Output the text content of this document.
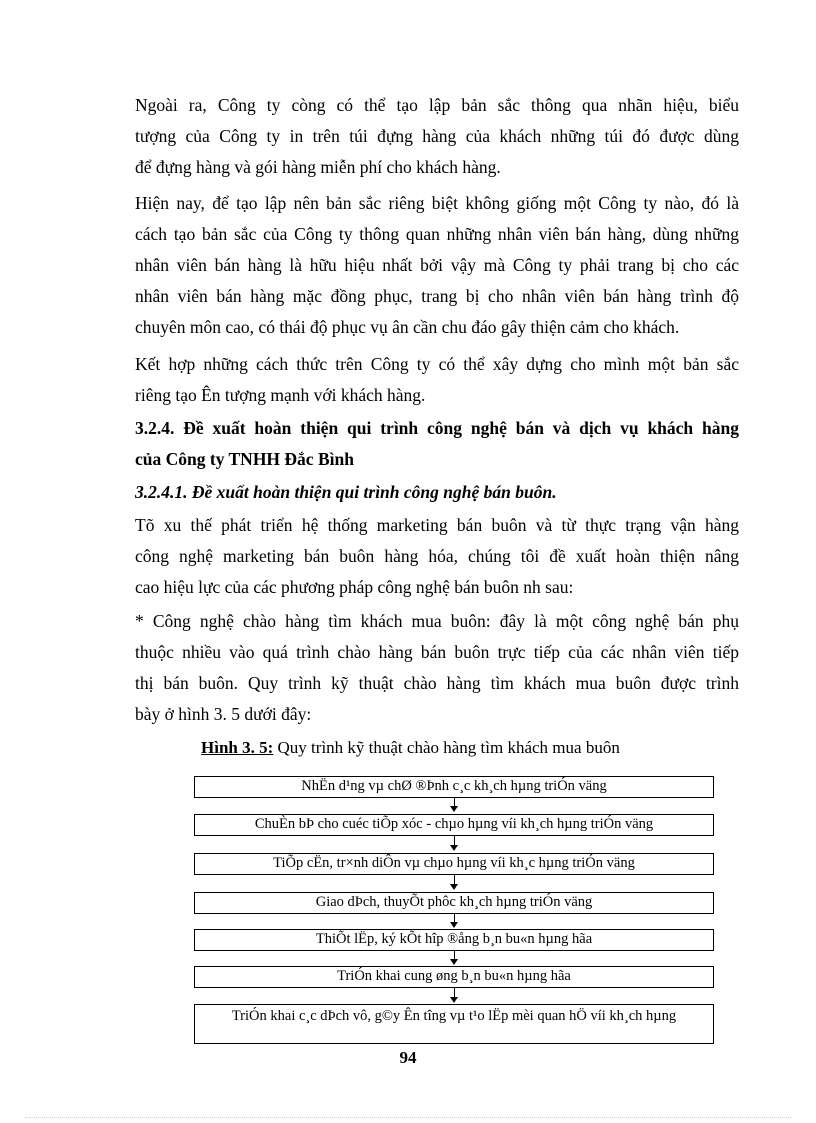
Ngoài ra, Công ty còng có thể tạo lập bản sắc thông qua nhãn hiệu, biểu
tượng của Công ty in trên túi đựng hàng của khách những túi đó được dùng
để đựng hàng và gói hàng miễn phí cho khách hàng.
Hiện nay, để tạo lập nên bản sắc riêng biệt không giống một Công ty nào, đó là
cách tạo bản sắc của Công ty thông quan những nhân viên bán hàng, dùng những
nhân viên bán hàng là hữu hiệu nhất bởi vậy mà Công ty phải trang bị cho các
nhân viên bán hàng mặc đồng phục, trang bị cho nhân viên bán hàng trình độ
chuyên môn cao, có thái độ phục vụ ân cần chu đáo gây thiện cảm cho khách.
Kết hợp những cách thức trên Công ty có thể xây dựng cho mình một bản sắc
riêng tạo Ên tượng mạnh với khách hàng.
3.2.4. Đề xuất hoàn thiện qui trình công nghệ bán và dịch vụ khách hàng
của Công ty TNHH Đắc Bình
3.2.4.1. Đề xuất hoàn thiện qui trình công nghệ bán buôn.
Tõ xu thế phát triển hệ thống marketing bán buôn và từ thực trạng vận hàng
công nghệ marketing bán buôn hàng hóa, chúng tôi đề xuất hoàn thiện nâng
cao hiệu lực của các phương pháp công nghệ bán buôn nh sau:
* Công nghệ chào hàng tìm khách mua buôn: đây là một công nghệ bán phụ
thuộc nhiều vào quá trình chào hàng bán buôn trực tiếp của các nhân viên tiếp
thị bán buôn. Quy trình kỹ thuật chào hàng tìm khách mua buôn được trình
bày ở hình 3. 5 dưới đây:
Hình 3. 5: Quy trình kỹ thuật chào hàng tìm khách mua buôn
NhËn d¹ng vµ chØ ®Þnh c¸c kh¸ch hµng triÓn väng
ChuÈn bÞ cho cuéc tiÕp xóc - chµo hµng víi kh¸ch hµng triÓn väng
TiÕp cËn, tr×nh diÔn vµ chµo hµng víi kh¸c hµng triÓn väng
Giao dÞch, thuyÕt phôc kh¸ch hµng triÓn väng
ThiÕt lËp, ký kÕt hîp ®ång b¸n bu«n hµng hãa
TriÓn khai cung øng b¸n bu«n hµng hãa
TriÓn khai c¸c dÞch vô, g©y Ên tîng vµ t¹o lËp mèi quan hÖ víi kh¸ch hµng
94
